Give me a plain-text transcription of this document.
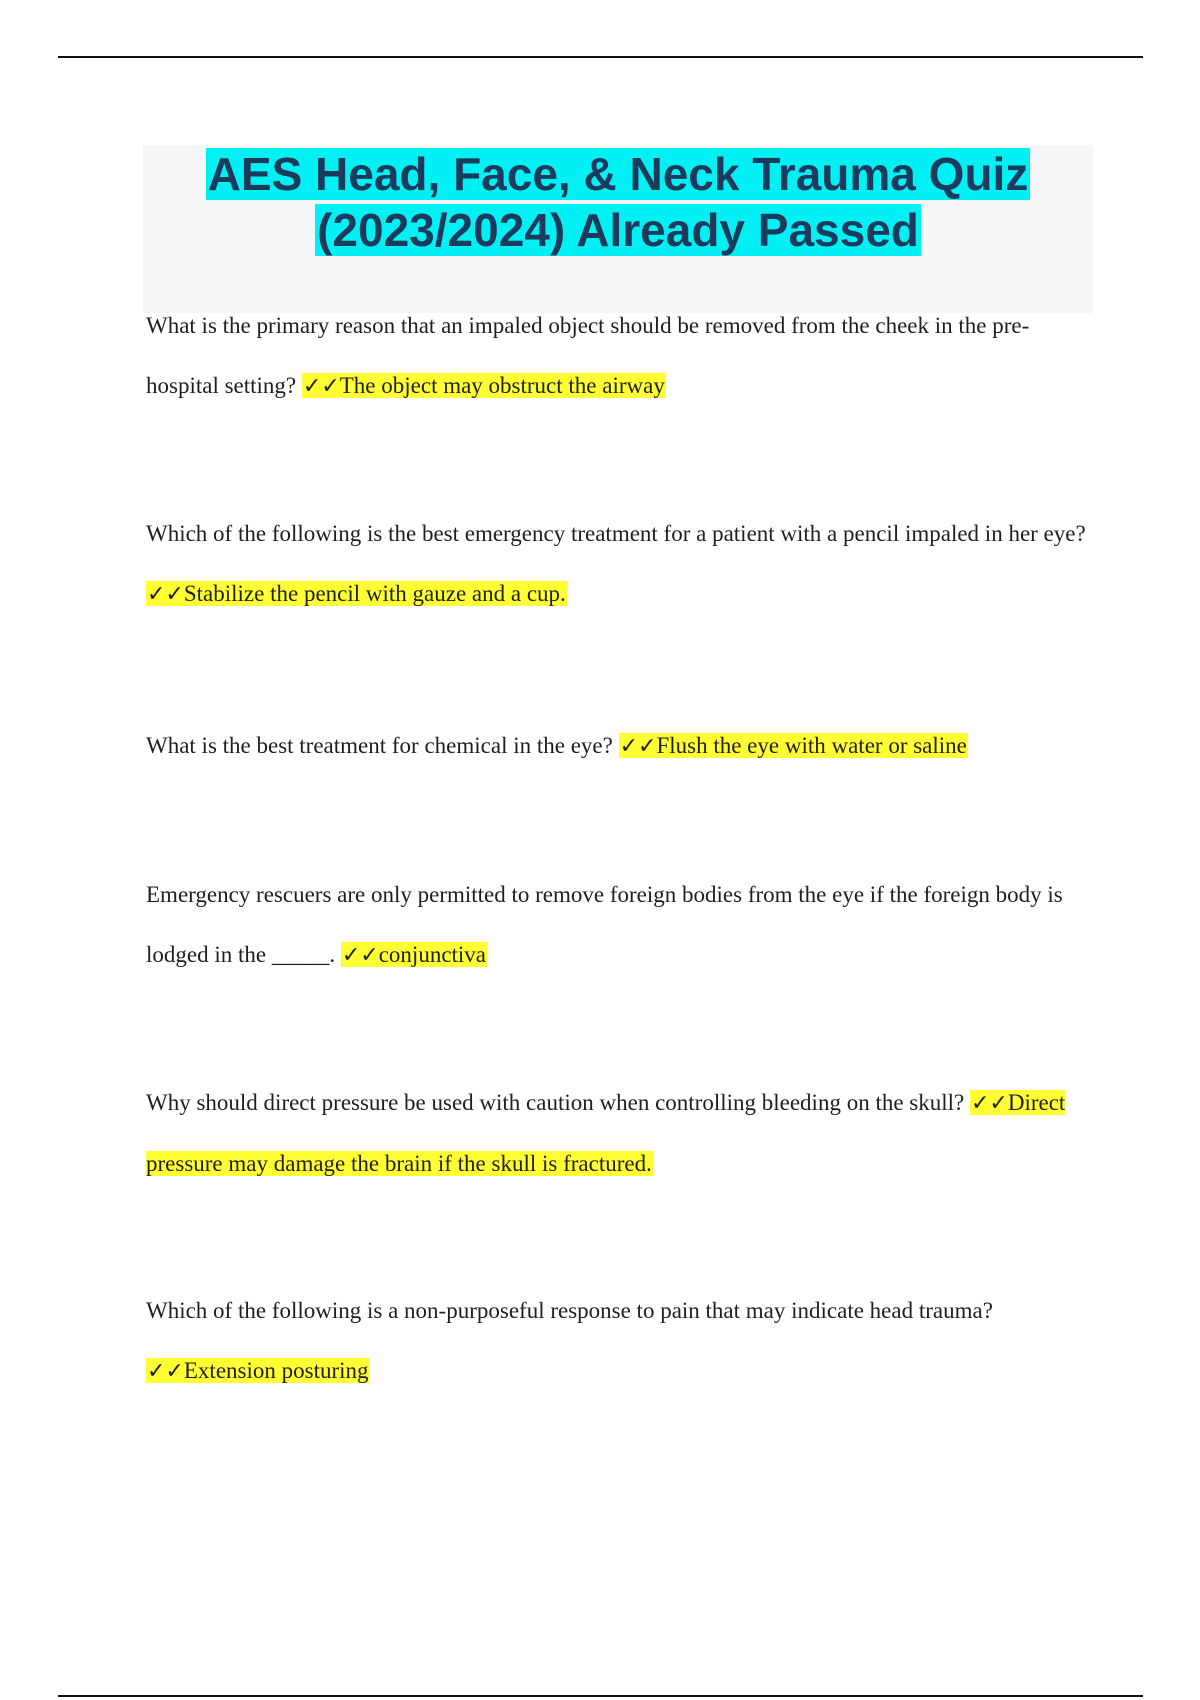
AES Head, Face, & Neck Trauma Quiz
(2023/2024) Already Passed
What is the primary reason that an impaled object should be removed from the cheek in the pre-hospital setting? ✓✓The object may obstruct the airway
Which of the following is the best emergency treatment for a patient with a pencil impaled in her eye? ✓✓Stabilize the pencil with gauze and a cup.
What is the best treatment for chemical in the eye? ✓✓Flush the eye with water or saline
Emergency rescuers are only permitted to remove foreign bodies from the eye if the foreign body is lodged in the _____. ✓✓conjunctiva
Why should direct pressure be used with caution when controlling bleeding on the skull? ✓✓Direct pressure may damage the brain if the skull is fractured.
Which of the following is a non-purposeful response to pain that may indicate head trauma? ✓✓Extension posturing
